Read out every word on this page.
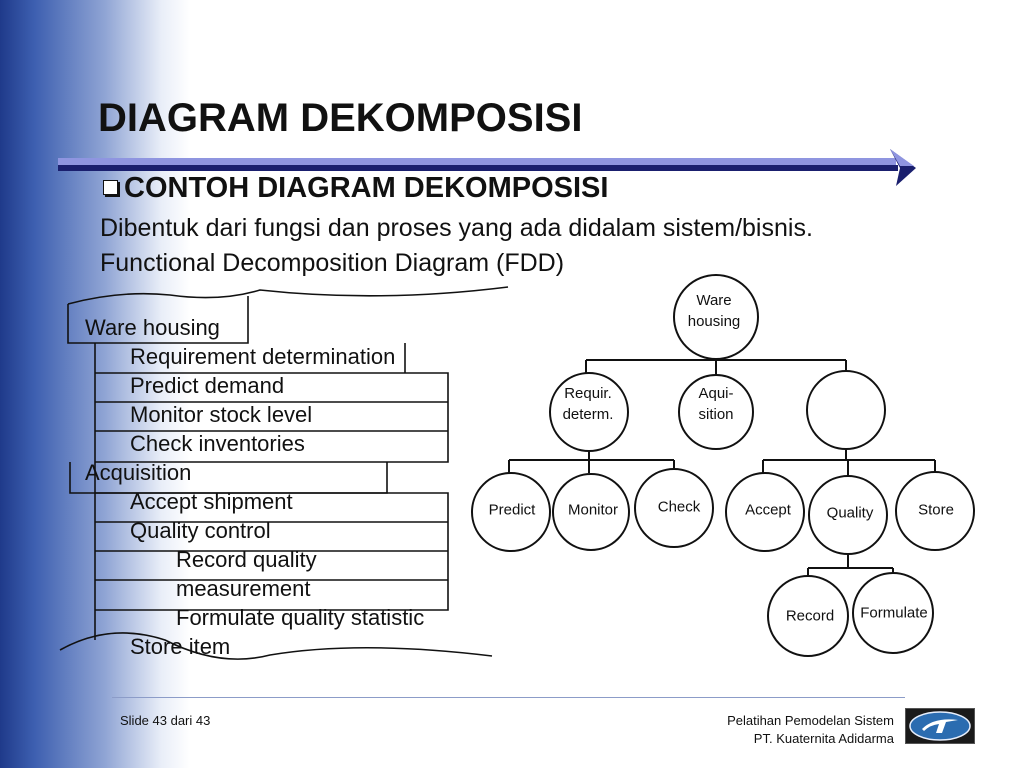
DIAGRAM DEKOMPOSISI
CONTOH DIAGRAM DEKOMPOSISI
Dibentuk dari fungsi dan proses yang ada didalam sistem/bisnis.
Functional Decomposition Diagram (FDD)
Ware housing
Requirement determination
Predict demand
Monitor stock level
Check inventories
Acquisition
Accept shipment
Quality control
Record quality
measurement
Formulate quality statistic
Store item
Ware
housing
Requir.
determ.
Aqui-
sition
Predict Monitor	Check	Accept Quality	Store
Record Formulate
Slide 43 dari 43	Pelatihan Pemodelan Sistem
PT. Kuaternita Adidarma
